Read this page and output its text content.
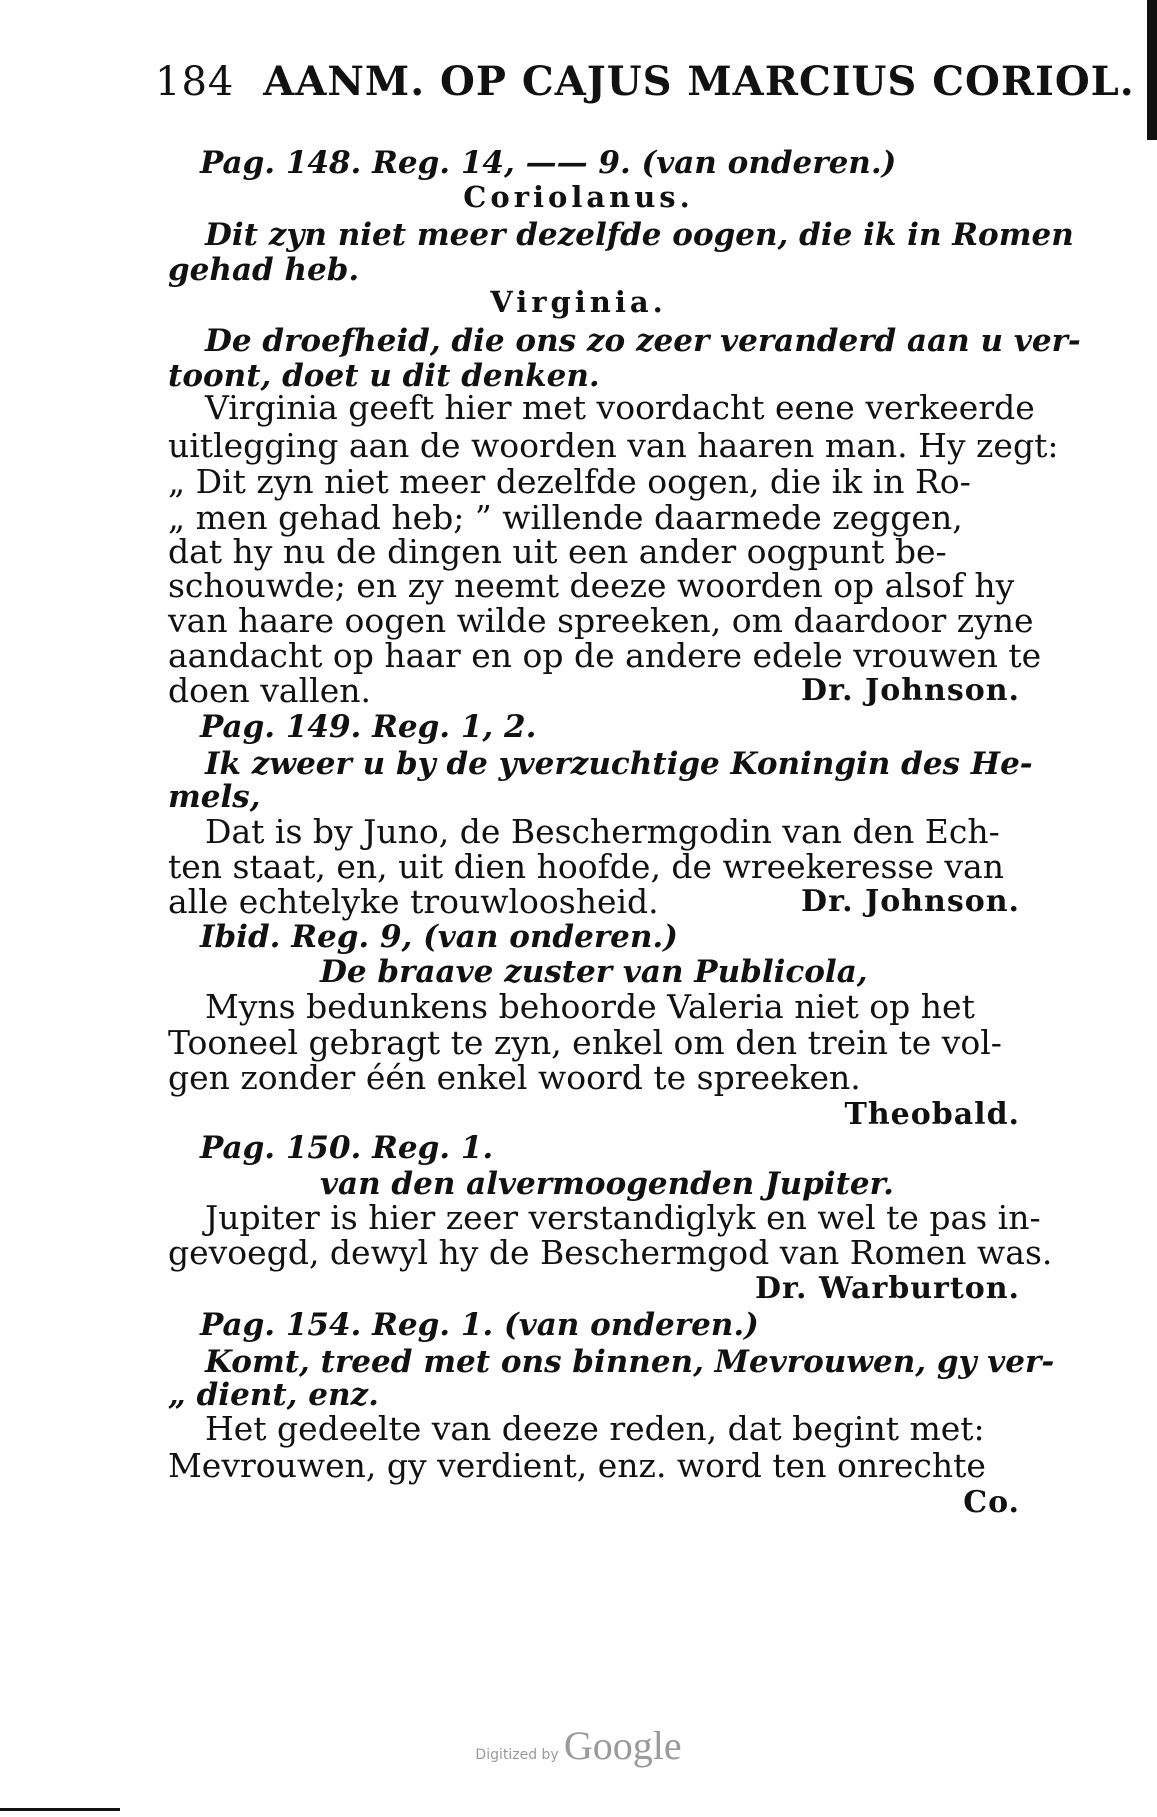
184 AANM. OP CAJUS MARCIUS CORIOL.
Pag. 148. Reg. 14, —— 9. (van onderen.)
Coriolanus.
Dit zyn niet meer dezelfde oogen, die ik in Romen
gehad heb.
Virginia.
De droefheid, die ons zo zeer veranderd aan u ver-
toont, doet u dit denken.
Virginia geeft hier met voordacht eene verkeerde
uitlegging aan de woorden van haaren man. Hy zegt:
„ Dit zyn niet meer dezelfde oogen, die ik in Ro-
„ men gehad heb; ” willende daarmede zeggen,
dat hy nu de dingen uit een ander oogpunt be-
schouwde; en zy neemt deeze woorden op alsof hy
van haare oogen wilde spreeken, om daardoor zyne
aandacht op haar en op de andere edele vrouwen te
doen vallen.	Dr. Johnson.
Pag. 149. Reg. 1, 2.
Ik zweer u by de yverzuchtige Koningin des He-
mels,
Dat is by Juno, de Beschermgodin van den Ech-
ten staat, en, uit dien hoofde, de wreekeresse van
alle echtelyke trouwloosheid.	Dr. Johnson.
Ibid. Reg. 9, (van onderen.)
De braave zuster van Publicola,
Myns bedunkens behoorde Valeria niet op het
Tooneel gebragt te zyn, enkel om den trein te vol-
gen zonder één enkel woord te spreeken.
Theobald.
Pag. 150. Reg. 1.
van den alvermoogenden Jupiter.
Jupiter is hier zeer verstandiglyk en wel te pas in-
gevoegd, dewyl hy de Beschermgod van Romen was.
Dr. Warburton.
Pag. 154. Reg. 1. (van onderen.)
Komt, treed met ons binnen, Mevrouwen, gy ver-
„ dient, enz.
Het gedeelte van deeze reden, dat begint met:
Mevrouwen, gy verdient, enz. word ten onrechte
Co.
Digitized by Google
